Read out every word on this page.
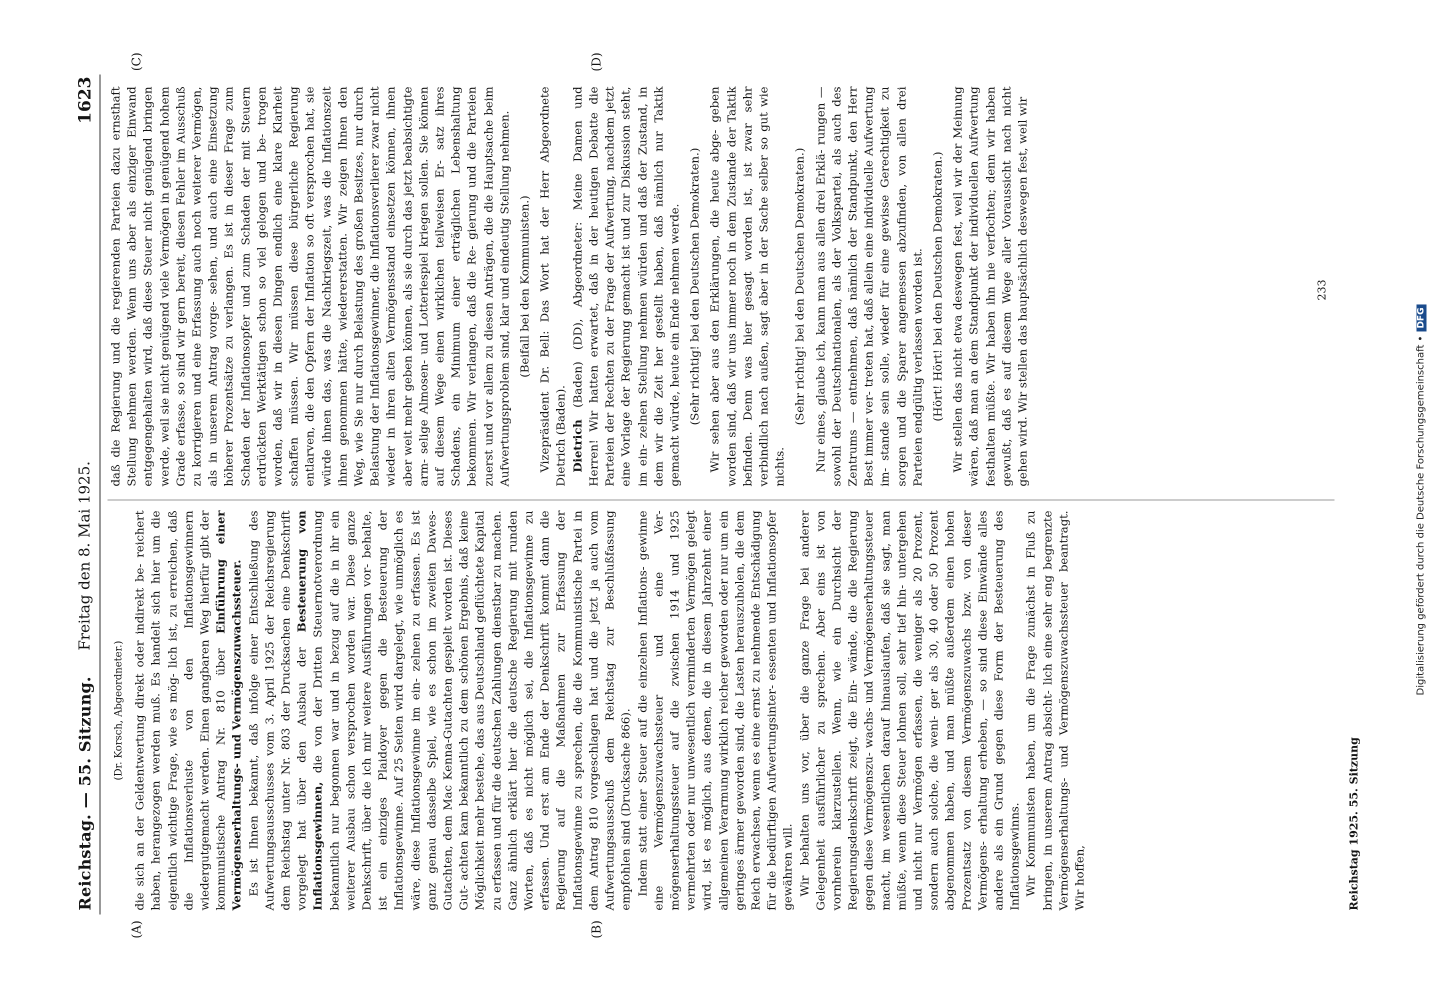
Reichstag. — 55. Sitzung.
Freitag den 8. Mai 1925.
1623
(A)	(B)
(C)	(D)

(Dr. Korsch, Abgeordneter.) die sich an der Geldentwertung direkt oder indirekt be- reichert haben, herangezogen werden muß. Es handelt sich hier um die eigentlich wichtige Frage, wie es mög- lich ist, zu erreichen, daß die Inflationsverluste von den Inflationsgewinnern wiedergutgemacht werden. Einen gangbaren Weg hierfür gibt der kommunistische Antrag Nr. 810 über Einführung einer Vermögenserhaltungs- und Vermögenszuwachssteuer. Es ist Ihnen bekannt, daß infolge einer Entschließung des Aufwertungsausschusses vom 3. April 1925 der Reichsregierung dem Reichstag unter Nr. 803 der Drucksachen eine Denkschrift vorgelegt hat über den Ausbau der Besteuerung von Inflationsgewinnen, die von der Dritten Steuernotverordnung bekanntlich nur begonnen war und in bezug auf die in ihr ein weiterer Ausbau schon versprochen worden war. Diese ganze Denkschrift, über die ich mir weitere Ausführungen vor- behalte, ist ein einziges Plaidoyer gegen die Besteuerung der Inflationsgewinne. Auf 25 Seiten wird dargelegt, wie unmöglich es wäre, diese Inflationsgewinne im ein- zelnen zu erfassen. Es ist ganz genau dasselbe Spiel, wie es schon im zweiten Dawes-Gutachten, dem Mac Kenna-Gutachten gespielt worden ist. Dieses Gut- achten kam bekanntlich zu dem schönen Ergebnis, daß keine Möglichkeit mehr bestehe, das aus Deutschland geflüchtete Kapital zu erfassen und für die deutschen Zahlungen dienstbar zu machen. Ganz ähnlich erklärt hier die deutsche Regierung mit runden Worten, daß es nicht möglich sei, die Inflationsgewinne zu erfassen. Und erst am Ende der Denkschrift kommt dann die Regierung auf die Maßnahmen zur Erfassung der Inflationsgewinne zu sprechen, die die Kommunistische Partei in dem Antrag 810 vorgeschlagen hat und die jetzt ja auch vom Aufwertungsausschuß dem Reichstag zur Beschlußfassung empfohlen sind (Drucksache 866). Indem statt einer Steuer auf die einzelnen Inflations- gewinne eine Vermögenszuwachssteuer und eine Ver- mögenserhaltungssteuer auf die zwischen 1914 und 1925 vermehrten oder nur unwesentlich verminderten Vermögen gelegt wird, ist es möglich, aus denen, die in diesem Jahrzehnt einer allgemeinen Verarmung wirklich reicher geworden oder nur um ein geringes ärmer geworden sind, die Lasten herauszuholen, die dem Reich erwachsen, wenn es eine ernst zu nehmende Entschädigung für die bedürftigen Aufwertungsinter- essenten und Inflationsopfer gewähren will. Wir behalten uns vor, über die ganze Frage bei anderer Gelegenheit ausführlicher zu sprechen. Aber eins ist von vornherein klarzustellen. Wenn, wie ein Durchsicht der Regierungsdenkschrift zeigt, die Ein- wände, die die Regierung gegen diese Vermögenszu- wachs- und Vermögenserhaltungssteuer macht, im wesentlichen darauf hinauslaufen, daß sie sagt, man müßte, wenn diese Steuer lohnen soll, sehr tief hin- untergehen und nicht nur Vermögen erfassen, die weniger als 20 Prozent, sondern auch solche, die weni- ger als 30, 40 oder 50 Prozent abgenommen haben, und man müßte außerdem einen hohen Prozentsatz von diesem Vermögenszuwachs bzw. von dieser Vermögens- erhaltung erheben, — so sind diese Einwände alles andere als ein Grund gegen diese Form der Besteuerung des Inflationsgewinns. Wir Kommunisten haben, um die Frage zunächst in Fluß zu bringen, in unserem Antrag absicht- lich eine sehr eng begrenzte Vermögenserhaltungs- und Vermögenszuwachssteuer beantragt. Wir hoffen,

daß die Regierung und die regierenden Parteien dazu ernsthaft Stellung nehmen werden. Wenn uns aber als einziger Einwand entgegengehalten wird, daß diese Steuer nicht genügend bringen werde, weil sie nicht genügend viele Vermögen in genügend hohem Grade erfasse, so sind wir gern bereit, diesen Fehler im Ausschuß zu korrigieren und eine Erfassung auch noch weiterer Vermögen, als in unserem Antrag vorge- sehen, und auch eine Einsetzung höherer Prozentsätze zu verlangen. Es ist in dieser Frage zum Schaden der Inflationsopfer und zum Schaden der mit Steuern erdrückten Werktätigen schon so viel gelogen und be- trogen worden, daß wir in diesen Dingen endlich eine klare Klarheit schaffen müssen. Wir müssen diese bürgerliche Regierung entlarven, die den Opfern der Inflation so oft versprochen hat, sie würde ihnen das, was die Nachkriegszeit, was die Inflationszeit ihnen genommen hätte, wiedererstatten. Wir zeigen Ihnen den Weg, wie Sie nur durch Belastung des großen Besitzes, nur durch Belastung der Inflationsgewinner, die Inflationsverlierer zwar nicht wieder in ihren alten Vermögensstand einsetzen können, ihnen aber weit mehr geben können, als sie durch das jetzt beabsichtigte arm- selige Almosen- und Lotteriespiel kriegen sollen. Sie können auf diesem Wege einen wirklichen teilweisen Er- satz ihres Schadens, ein Minimum einer erträglichen Lebenshaltung bekommen. Wir verlangen, daß die Re- gierung und die Parteien zuerst und vor allem zu diesen Anträgen, die die Hauptsache beim Aufwertungsproblem sind, klar und eindeutig Stellung nehmen. (Beifall bei den Kommunisten.) Vizepräsident Dr. Bell: Das Wort hat der Herr Abgeordnete Dietrich (Baden). Dietrich (Baden) (DD), Abgeordneter: Meine Damen und Herren! Wir hatten erwartet, daß in der heutigen Debatte die Parteien der Rechten zu der Frage der Aufwertung, nachdem jetzt eine Vorlage der Regierung gemacht ist und zur Diskussion steht, im ein- zelnen Stellung nehmen würden und daß der Zustand, in dem wir die Zeit her gestellt haben, daß nämlich nur Taktik gemacht würde, heute ein Ende nehmen werde. (Sehr richtig! bei den Deutschen Demokraten.) Wir sehen aber aus den Erklärungen, die heute abge- geben worden sind, daß wir uns immer noch in dem Zustande der Taktik befinden. Denn was hier gesagt worden ist, ist zwar sehr verbindlich nach außen, sagt aber in der Sache selber so gut wie nichts.

(Sehr richtig! bei den Deutschen Demokraten.) Nur eines, glaube ich, kann man aus allen drei Erklä- rungen — sowohl der Deutschnationalen, als der Volkspartei, als auch des Zentrums — entnehmen, daß nämlich der Standpunkt, den Herr Best immer ver- treten hat, daß allein eine individuelle Aufwertung im- stande sein solle, wieder für eine gewisse Gerechtigkeit zu sorgen und die Sparer angemessen abzufinden, von allen drei Parteien endgültig verlassen worden ist. (Hört! Hört! bei den Deutschen Demokraten.) Wir stellen das nicht etwa deswegen fest, weil wir der Meinung wären, daß man an dem Standpunkt der individuellen Aufwertung festhalten müßte. Wir haben ihn nie verfochten; denn wir haben gewußt, daß es auf diesem Wege aller Voraussicht nach nicht gehen wird. Wir stellen das hauptsächlich deswegen fest, weil wir	233
Reichstag 1925. 55. Sitzung
Digitalisierung gefördert durch die Deutsche Forschungsgemeinschaft •DFG
